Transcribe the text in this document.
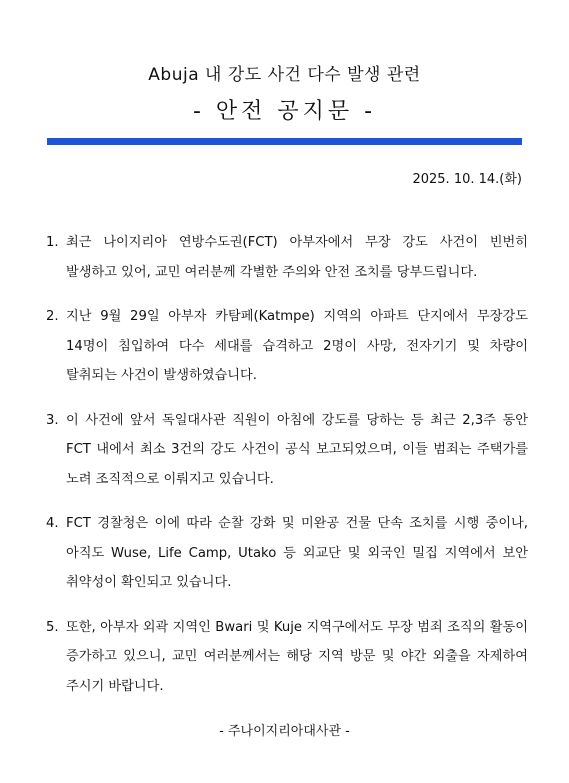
Abuja 내 강도 사건 다수 발생 관련
- 안전 공지문 -
2025. 10. 14.(화)
1. 최근 나이지리아 연방수도권(FCT) 아부자에서 무장 강도 사건이 빈번히 발생하고 있어, 교민 여러분께 각별한 주의와 안전 조치를 당부드립니다.
2. 지난 9월 29일 아부자 카탐페(Katmpe) 지역의 아파트 단지에서 무장강도 14명이 침입하여 다수 세대를 습격하고 2명이 사망, 전자기기 및 차량이 탈취되는 사건이 발생하였습니다.
3. 이 사건에 앞서 독일대사관 직원이 아침에 강도를 당하는 등 최근 2,3주 동안 FCT 내에서 최소 3건의 강도 사건이 공식 보고되었으며, 이들 범죄는 주택가를 노려 조직적으로 이뤄지고 있습니다.
4. FCT 경찰청은 이에 따라 순찰 강화 및 미완공 건물 단속 조치를 시행 중이나, 아직도 Wuse, Life Camp, Utako 등 외교단 및 외국인 밀집 지역에서 보안 취약성이 확인되고 있습니다.
5. 또한, 아부자 외곽 지역인 Bwari 및 Kuje 지역구에서도 무장 범죄 조직의 활동이 증가하고 있으니, 교민 여러분께서는 해당 지역 방문 및 야간 외출을 자제하여 주시기 바랍니다.
- 주나이지리아대사관 -
